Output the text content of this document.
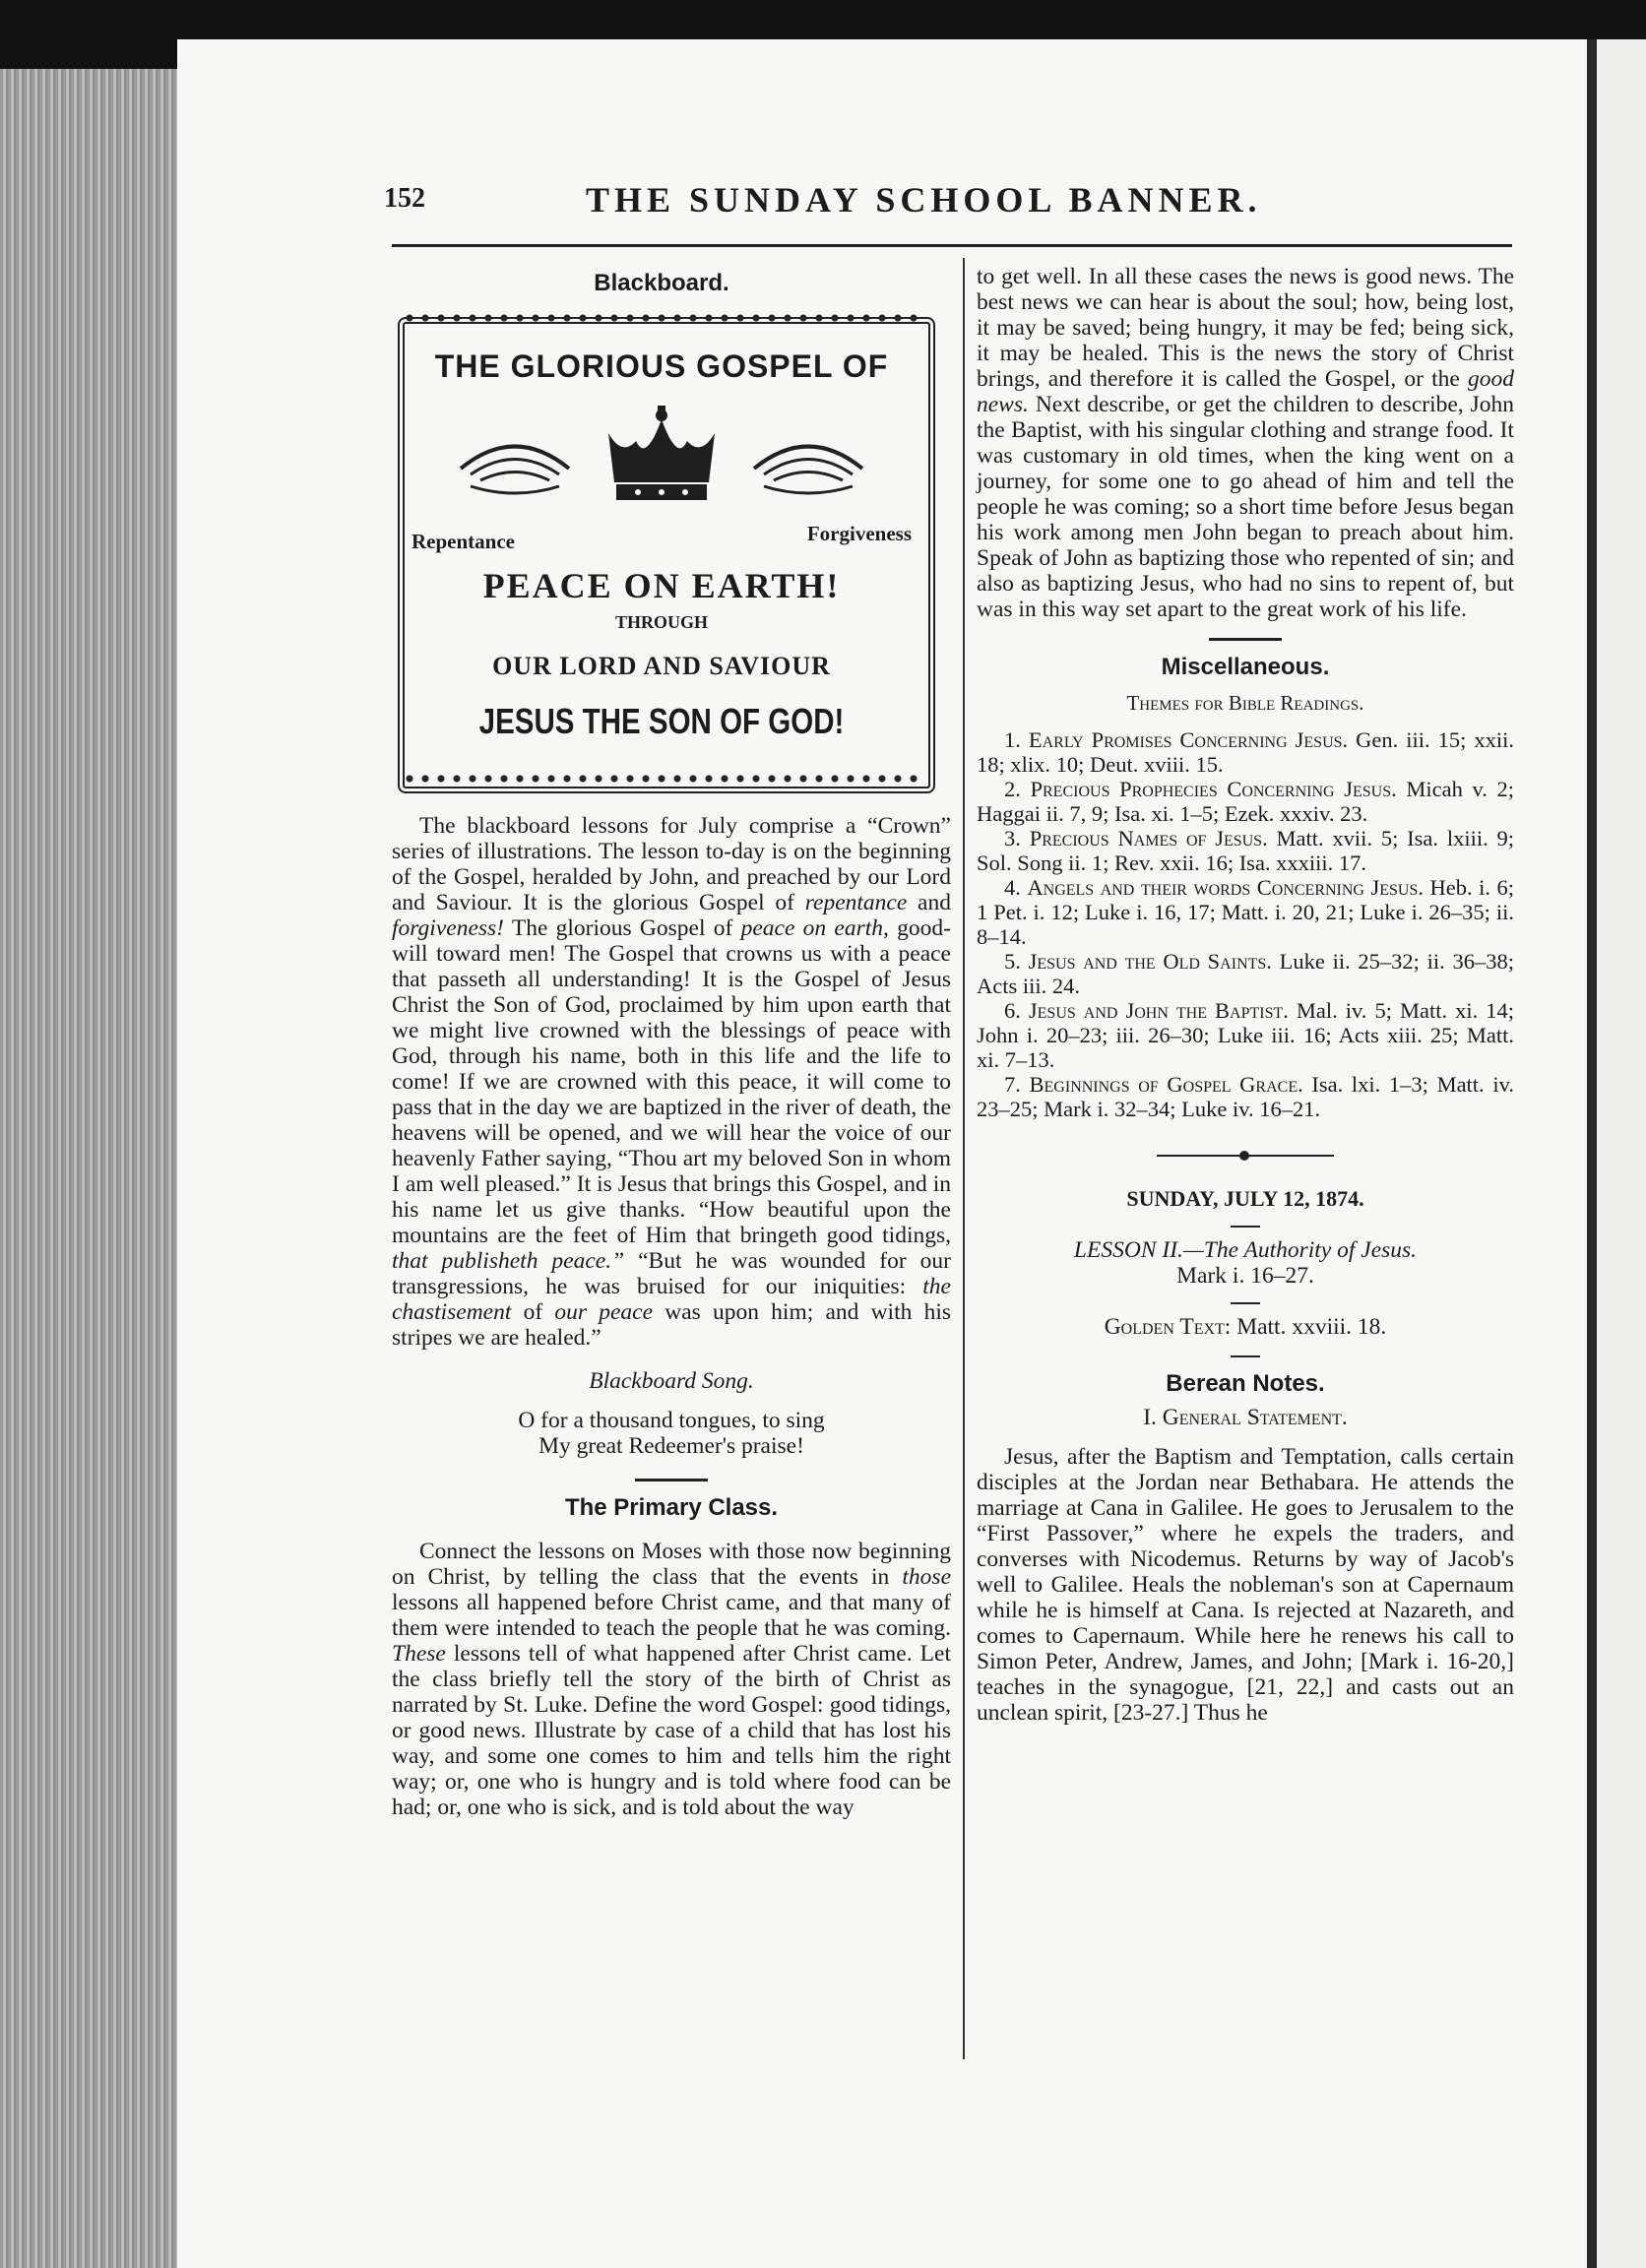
152	THE SUNDAY SCHOOL BANNER.
Blackboard.
THE GLORIOUS GOSPEL OF
Repentance	Forgiveness
PEACE ON EARTH!
THROUGH
OUR LORD AND SAVIOUR
JESUS THE SON OF GOD!

The blackboard lessons for July comprise a “Crown” series of illustrations. The lesson to-day is on the beginning of the Gospel, heralded by John, and preached by our Lord and Saviour. It is the glorious Gospel of repentance and forgiveness! The glorious Gospel of peace on earth, good-will toward men! The Gospel that crowns us with a peace that passeth all understanding! It is the Gospel of Jesus Christ the Son of God, proclaimed by him upon earth that we might live crowned with the blessings of peace with God, through his name, both in this life and the life to come! If we are crowned with this peace, it will come to pass that in the day we are baptized in the river of death, the heavens will be opened, and we will hear the voice of our heavenly Father saying, “Thou art my beloved Son in whom I am well pleased.” It is Jesus that brings this Gospel, and in his name let us give thanks. “How beautiful upon the mountains are the feet of Him that bringeth good tidings, that publisheth peace.” “But he was wounded for our transgressions, he was bruised for our iniquities: the chastisement of our peace was upon him; and with his stripes we are healed.”

Blackboard Song.
O for a thousand tongues, to sing
My great Redeemer's praise!
The Primary Class.

Connect the lessons on Moses with those now beginning on Christ, by telling the class that the events in those lessons all happened before Christ came, and that many of them were intended to teach the people that he was coming. These lessons tell of what happened after Christ came. Let the class briefly tell the story of the birth of Christ as narrated by St. Luke. Define the word Gospel: good tidings, or good news. Illustrate by case of a child that has lost his way, and some one comes to him and tells him the right way; or, one who is hungry and is told where food can be had; or, one who is sick, and is told about the way

to get well. In all these cases the news is good news. The best news we can hear is about the soul; how, being lost, it may be saved; being hungry, it may be fed; being sick, it may be healed. This is the news the story of Christ brings, and therefore it is called the Gospel, or the good news. Next describe, or get the children to describe, John the Baptist, with his singular clothing and strange food. It was customary in old times, when the king went on a journey, for some one to go ahead of him and tell the people he was coming; so a short time before Jesus began his work among men John began to preach about him. Speak of John as baptizing those who repented of sin; and also as baptizing Jesus, who had no sins to repent of, but was in this way set apart to the great work of his life.

Miscellaneous.
Themes for Bible Readings.

1. Early Promises Concerning Jesus. Gen. iii. 15; xxii. 18; xlix. 10; Deut. xviii. 15.

2. Precious Prophecies Concerning Jesus. Micah v. 2; Haggai ii. 7, 9; Isa. xi. 1–5; Ezek. xxxiv. 23.

3. Precious Names of Jesus. Matt. xvii. 5; Isa. lxiii. 9; Sol. Song ii. 1; Rev. xxii. 16; Isa. xxxiii. 17.

4. Angels and their words Concerning Jesus. Heb. i. 6; 1 Pet. i. 12; Luke i. 16, 17; Matt. i. 20, 21; Luke i. 26–35; ii. 8–14.

5. Jesus and the Old Saints. Luke ii. 25–32; ii. 36–38; Acts iii. 24.

6. Jesus and John the Baptist. Mal. iv. 5; Matt. xi. 14; John i. 20–23; iii. 26–30; Luke iii. 16; Acts xiii. 25; Matt. xi. 7–13.

7. Beginnings of Gospel Grace. Isa. lxi. 1–3; Matt. iv. 23–25; Mark i. 32–34; Luke iv. 16–21.

SUNDAY, JULY 12, 1874.
LESSON II.—The Authority of Jesus.
Mark i. 16–27.
Golden Text: Matt. xxviii. 18.
Berean Notes.
I. General Statement.

Jesus, after the Baptism and Temptation, calls certain disciples at the Jordan near Bethabara. He attends the marriage at Cana in Galilee. He goes to Jerusalem to the “First Passover,” where he expels the traders, and converses with Nicodemus. Returns by way of Jacob's well to Galilee. Heals the nobleman's son at Capernaum while he is himself at Cana. Is rejected at Nazareth, and comes to Capernaum. While here he renews his call to Simon Peter, Andrew, James, and John; [Mark i. 16-20,] teaches in the synagogue, [21, 22,] and casts out an unclean spirit, [23-27.] Thus he
